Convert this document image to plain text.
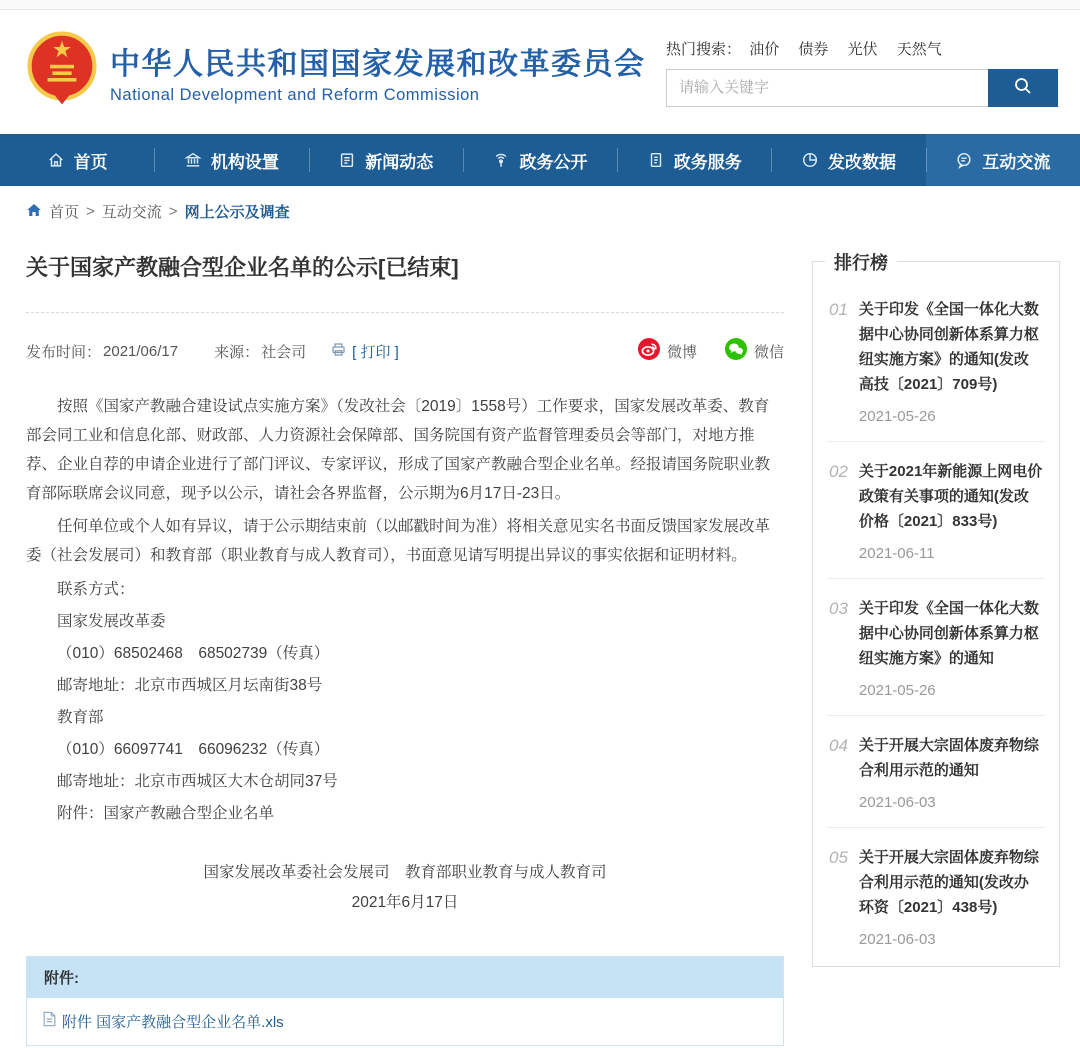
中华人民共和国国家发展和改革委员会
National Development and Reform Commission
热门搜索： 油价 债券 光伏 天然气
请输入关键字
首页	机构设置	新闻动态	政务公开	政务服务	发改数据	互动交流
首页 > 互动交流 > 网上公示及调查
关于国家产教融合型企业名单的公示[已结束]
发布时间： 2021/06/17 来源： 社会司	[ 打印 ]	微博	微信

按照《国家产教融合建设试点实施方案》（发改社会〔2019〕1558号）工作要求，国家发展改革委、教育部会同工业和信息化部、财政部、人力资源社会保障部、国务院国有资产监督管理委员会等部门，对地方推荐、企业自荐的申请企业进行了部门评议、专家评议，形成了国家产教融合型企业名单。经报请国务院职业教育部际联席会议同意，现予以公示，请社会各界监督，公示期为6月17日-23日。

任何单位或个人如有异议，请于公示期结束前（以邮戳时间为准）将相关意见实名书面反馈国家发展改革委（社会发展司）和教育部（职业教育与成人教育司），书面意见请写明提出异议的事实依据和证明材料。

联系方式：

国家发展改革委

（010）68502468　68502739（传真）

邮寄地址：北京市西城区月坛南街38号

教育部

（010）66097741　66096232（传真）

邮寄地址：北京市西城区大木仓胡同37号

附件：国家产教融合型企业名单

国家发展改革委社会发展司　教育部职业教育与成人教育司

2021年6月17日

附件:
附件 国家产教融合型企业名单.xls
排行榜
01 关于印发《全国一体化大数据中心协同创新体系算力枢纽实施方案》的通知(发改高技〔2021〕709号)
2021-05-26
02 关于2021年新能源上网电价政策有关事项的通知(发改价格〔2021〕833号)
2021-06-11
03 关于印发《全国一体化大数据中心协同创新体系算力枢纽实施方案》的通知
2021-05-26
04 关于开展大宗固体废弃物综合利用示范的通知
2021-06-03
05 关于开展大宗固体废弃物综合利用示范的通知(发改办环资〔2021〕438号)
2021-06-03
